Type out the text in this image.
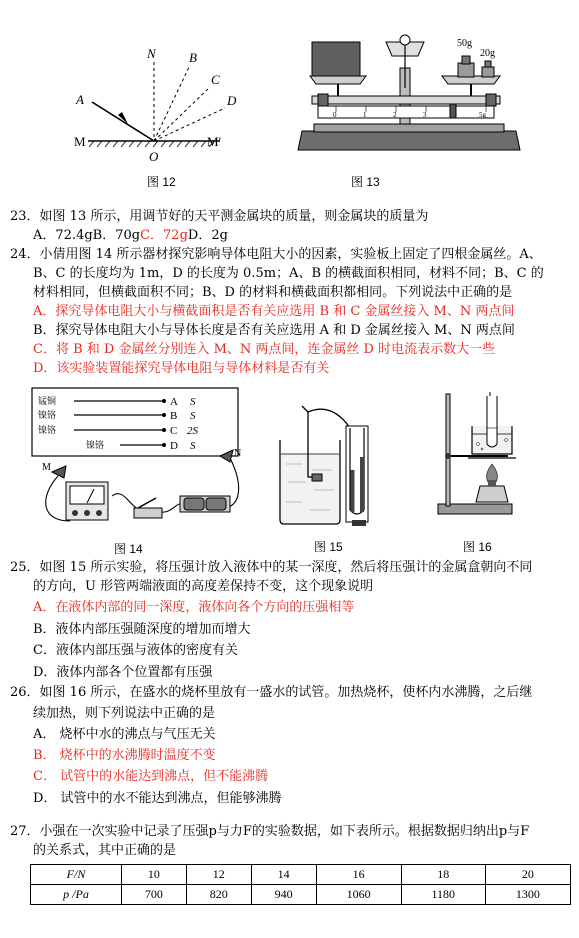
N	B
C
D
A
M
O
M′
图 12
0	1	2	3	5g
50g
20g
图 13
23．如图 13 所示，用调节好的天平测金属块的质量，则金属块的质量为
A．72.4gB．70gC．72gD．2g
24．小倩用图 14 所示器材探究影响导体电阻大小的因素，实验板上固定了四根金属丝。A、
B、C 的长度均为 1m，D 的长度为 0.5m；A、B 的横截面积相同，材料不同；B、C 的
材料相同，但横截面积不同；B、D 的材料和横截面积都相同。下列说法中正确的是
A．探究导体电阻大小与横截面积是否有关应选用 B 和 C 金属丝接入 M、N 两点间
B．探究导体电阻大小与导体长度是否有关应选用 A 和 D 金属丝接入 M、N 两点间
C．将 B 和 D 金属丝分别连入 M、N 两点间，连金属丝 D 时电流表示数大一些
D．该实验装置能探究导体电阻与导体材料是否有关
锰铜
镍铬
镍铬
镍铬
A
B
C
D
S
S
2S
S
M
N
图 14	图 15	图 16
25．如图 15 所示实验，将压强计放入液体中的某一深度，然后将压强计的金属盒朝向不同
的方向，U 形管两端液面的高度差保持不变，这个现象说明
A．在液体内部的同一深度，液体向各个方向的压强相等
B．液体内部压强随深度的增加而增大
C．液体内部压强与液体的密度有关
D．液体内部各个位置都有压强
26．如图 16 所示，在盛水的烧杯里放有一盛水的试管。加热烧杯，使杯内水沸腾，之后继
续加热，则下列说法中正确的是
A． 烧杯中水的沸点与气压无关
B． 烧杯中的水沸腾时温度不变
C． 试管中的水能达到沸点，但不能沸腾
D． 试管中的水不能达到沸点，但能够沸腾
27．小强在一次实验中记录了压强p与力F的实验数据，如下表所示。根据数据归纳出p与F
的关系式，其中正确的是
F/N	10	12	14	16	18	20
p /Pa	700	820	940	1060	1180	1300
